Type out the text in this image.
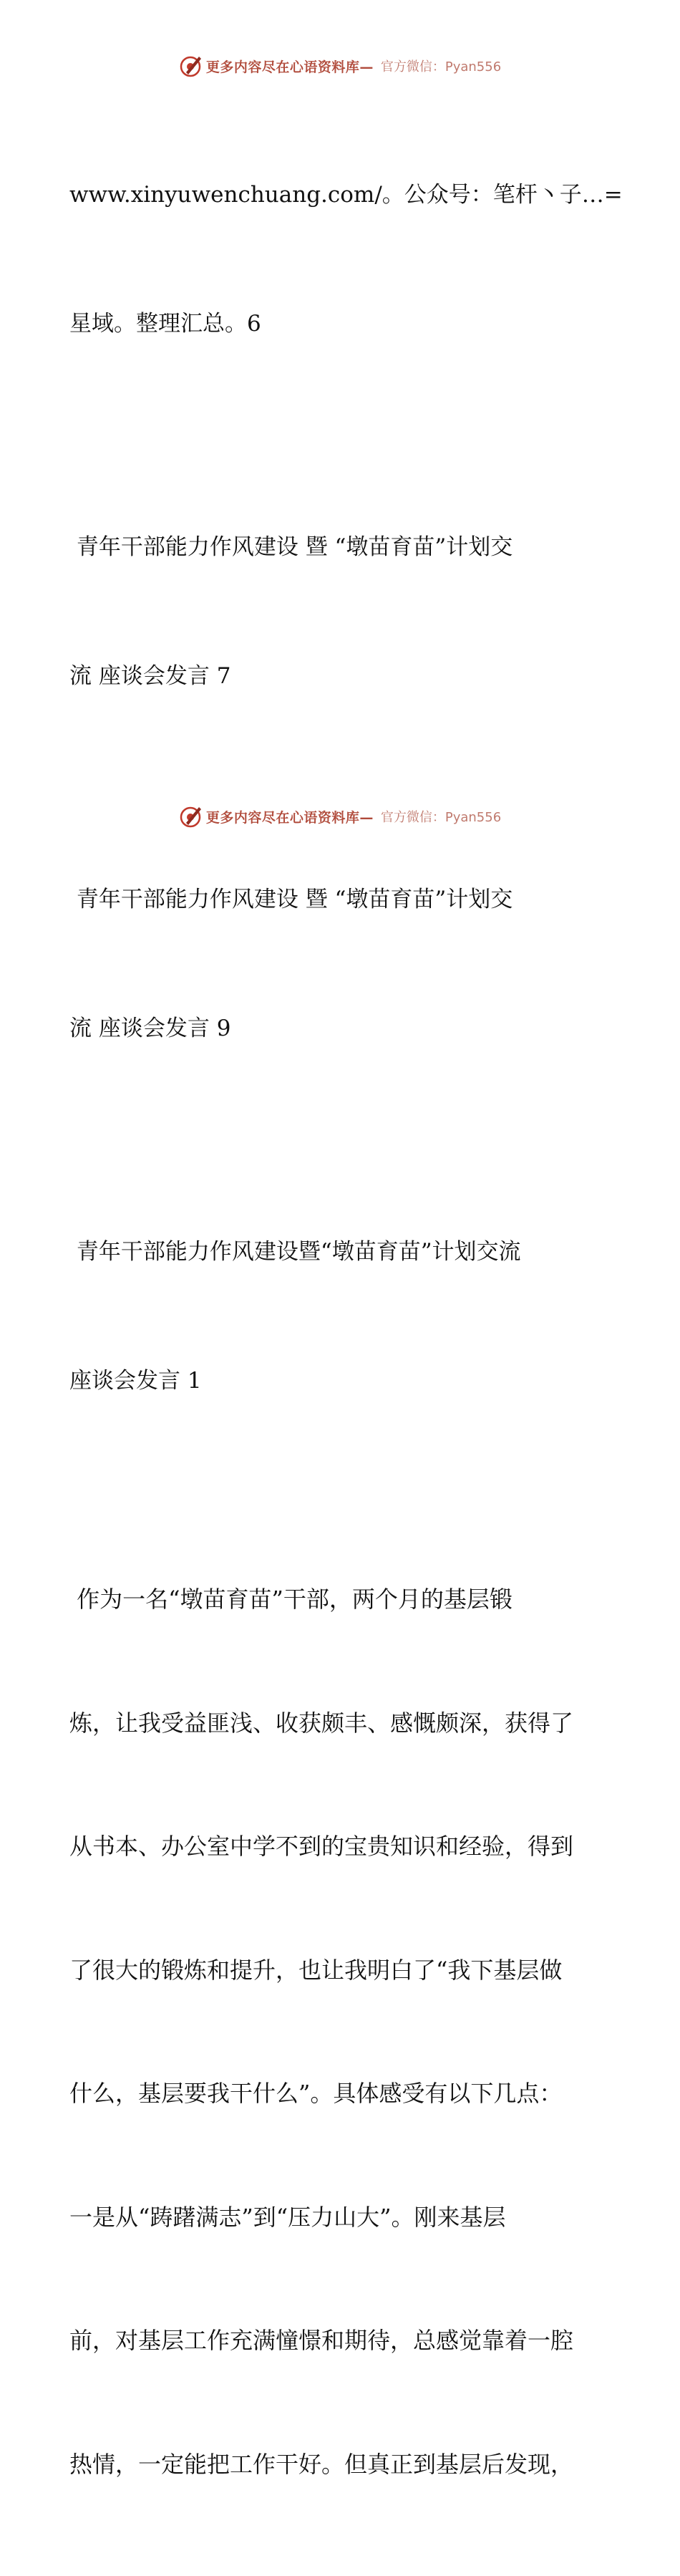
更多内容尽在心语资料库— 官方微信：Pyan556

www.xinyuwenchuang.com/。公众号：笔杆丶子…=

星域。整理汇总。6

青年干部能力作风建设 暨 “墩苗育苗”计划交

流 座谈会发言 7

青年干部能力作风建设 暨 “墩苗育苗”计划交

流 座谈会发言 9

青年干部能力作风建设暨“墩苗育苗”计划交流

座谈会发言 1

作为一名“墩苗育苗”干部，两个月的基层锻

炼，让我受益匪浅、收获颇丰、感慨颇深，获得了

从书本、办公室中学不到的宝贵知识和经验，得到

了很大的锻炼和提升，也让我明白了“我下基层做

什么，基层要我干什么”。具体感受有以下几点：

一是从“踌躇满志”到“压力山大”。刚来基层

前，对基层工作充满憧憬和期待，总感觉靠着一腔

热情，一定能把工作干好。但真正到基层后发现，

更多内容尽在心语资料库— 官方微信：Pyan556
